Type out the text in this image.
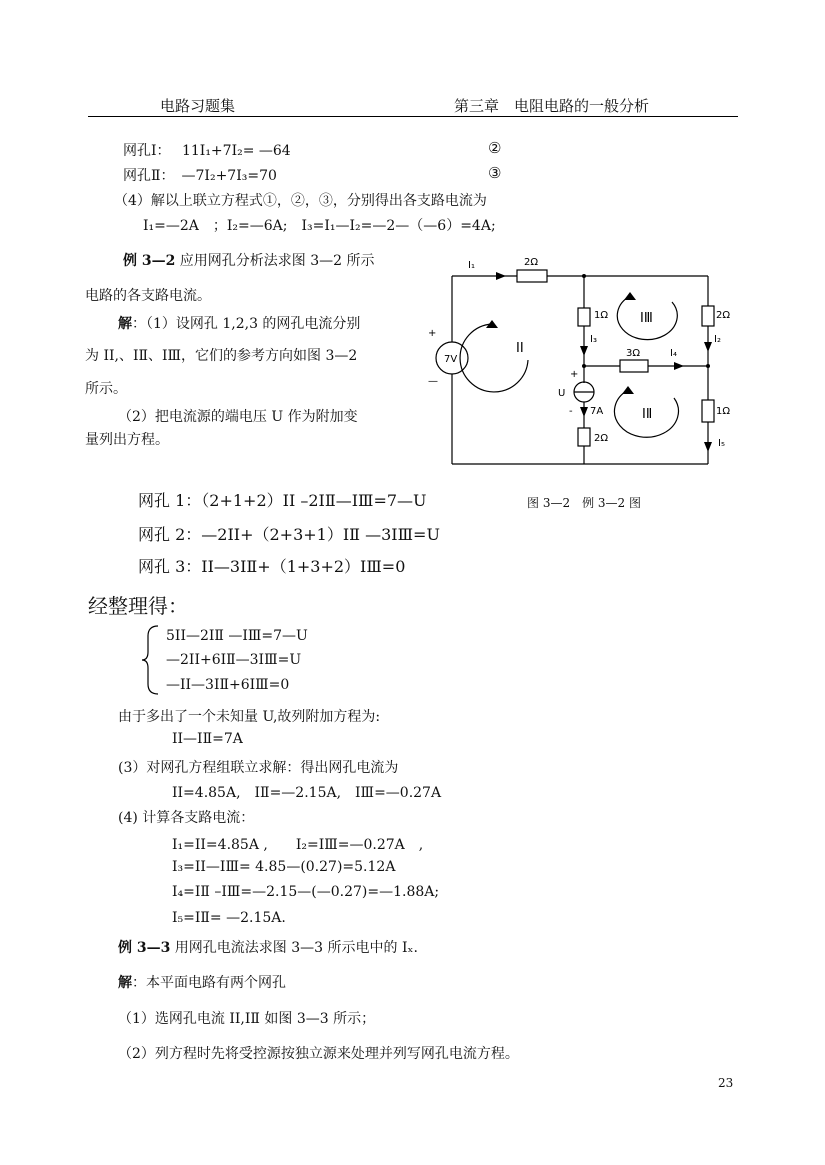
电路习题集	第三章　电阻电路的一般分析
网孔Ⅰ：　 11I₁+7I₂= —64	②
网孔Ⅱ：　—7I₂+7I₃=70	③
（4）解以上联立方程式①，②，③，分别得出各支路电流为
I₁=—2A　；I₂=—6A;　I₃=I₁—I₂=—2—（—6）=4A;
例 3—2 应用网孔分析法求图 3—2 所示
电路的各支路电流。
解：（1）设网孔 1,2,3 的网孔电流分别
为 IⅠ,、IⅡ、IⅢ，它们的参考方向如图 3—2
所示。
（2）把电流源的端电压 U 作为附加变
量列出方程。
I₁	2Ω
1Ω
I₃
IⅢ	2Ω
I₂
+
7V
—
IⅠ	3Ω	I₄
+
U
- 7A	IⅡ	1Ω
2Ω	I₅
网孔 1：（2+1+2）IⅠ –2IⅡ—IⅢ=7—U	图 3—2　例 3—2 图
网孔 2：—2IⅠ+（2+3+1）IⅡ —3IⅢ=U
网孔 3：IⅠ—3IⅡ+（1+3+2）IⅢ=0
经整理得：
5IⅠ—2IⅡ —IⅢ=7—U
—2IⅠ+6IⅡ—3IⅢ=U
—IⅠ—3IⅡ+6IⅢ=0
由于多出了一个未知量 U,故列附加方程为:
IⅠ—IⅡ=7A
(3）对网孔方程组联立求解：得出网孔电流为
IⅠ=4.85A,　IⅡ=—2.15A,　IⅢ=—0.27A
(4) 计算各支路电流：
I₁=IⅠ=4.85A ,　　I₂=IⅢ=—0.27A　,
I₃=IⅠ—IⅢ= 4.85—(0.27)=5.12A
I₄=IⅡ –IⅢ=—2.15—(—0.27)=—1.88A;
I₅=IⅡ= —2.15A.
例 3—3 用网孔电流法求图 3—3 所示电中的 Iₓ.
解：本平面电路有两个网孔
（1）选网孔电流 IⅠ,IⅡ 如图 3—3 所示；
（2）列方程时先将受控源按独立源来处理并列写网孔电流方程。
23
